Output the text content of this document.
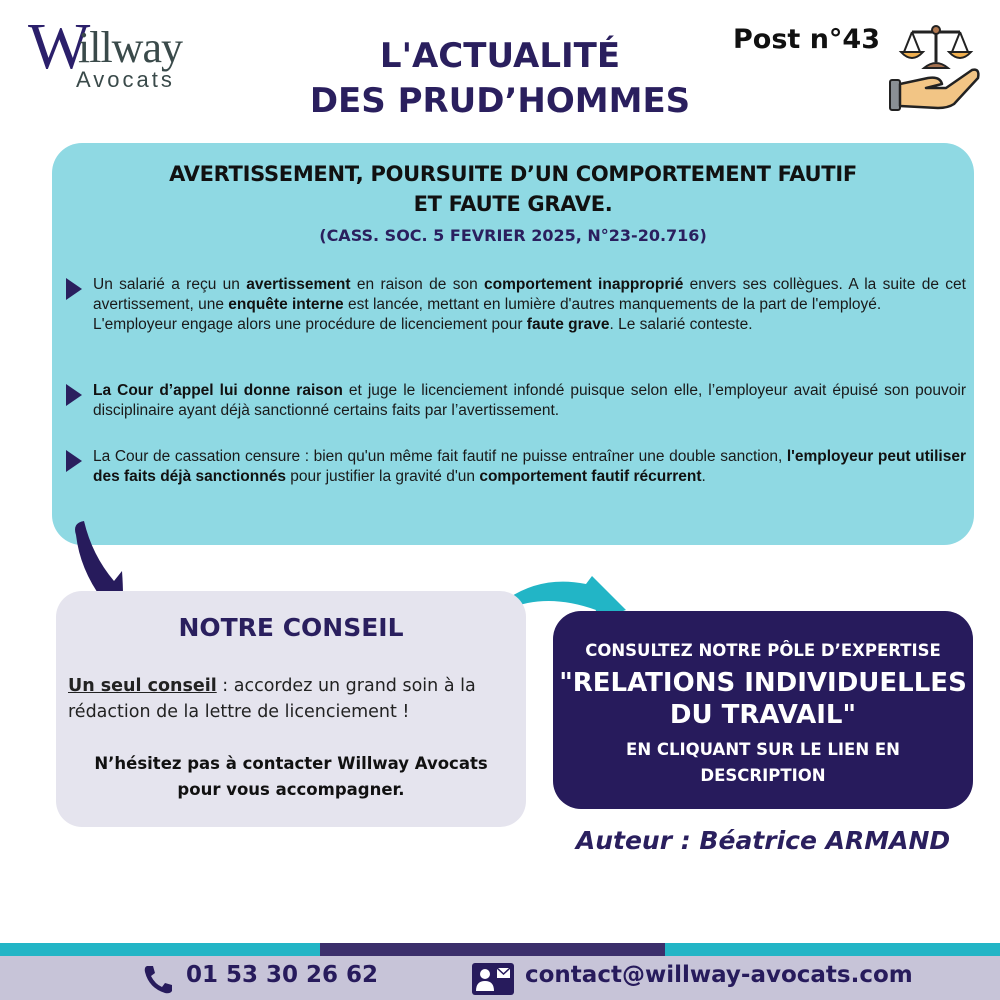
W
illway
Avocats
L'ACTUALITÉ
DES PRUD’HOMMES
Post n°43
AVERTISSEMENT, POURSUITE D’UN COMPORTEMENT FAUTIF
ET FAUTE GRAVE.
(CASS. SOC. 5 FEVRIER 2025, N°23-20.716)
Un salarié a reçu un avertissement en raison de son comportement inapproprié envers ses collègues. A la suite de cet avertissement, une enquête interne est lancée, mettant en lumière d'autres manquements de la part de l'employé.
L'employeur engage alors une procédure de licenciement pour faute grave. Le salarié conteste.
La Cour d’appel lui donne raison et juge le licenciement infondé puisque selon elle, l’employeur avait épuisé son pouvoir disciplinaire ayant déjà sanctionné certains faits par l’avertissement.
La Cour de cassation censure : bien qu'un même fait fautif ne puisse entraîner une double sanction, l'employeur peut utiliser des faits déjà sanctionnés pour justifier la gravité d'un comportement fautif récurrent.
NOTRE CONSEIL
Un seul conseil : accordez un grand soin à la rédaction de la lettre de licenciement !
N’hésitez pas à contacter Willway Avocats
pour vous accompagner.
CONSULTEZ NOTRE PÔLE D’EXPERTISE
"RELATIONS INDIVIDUELLES
DU TRAVAIL"
EN CLIQUANT SUR LE LIEN EN
DESCRIPTION
Auteur : Béatrice ARMAND
01 53 30 26 62	contact@willway-avocats.com
